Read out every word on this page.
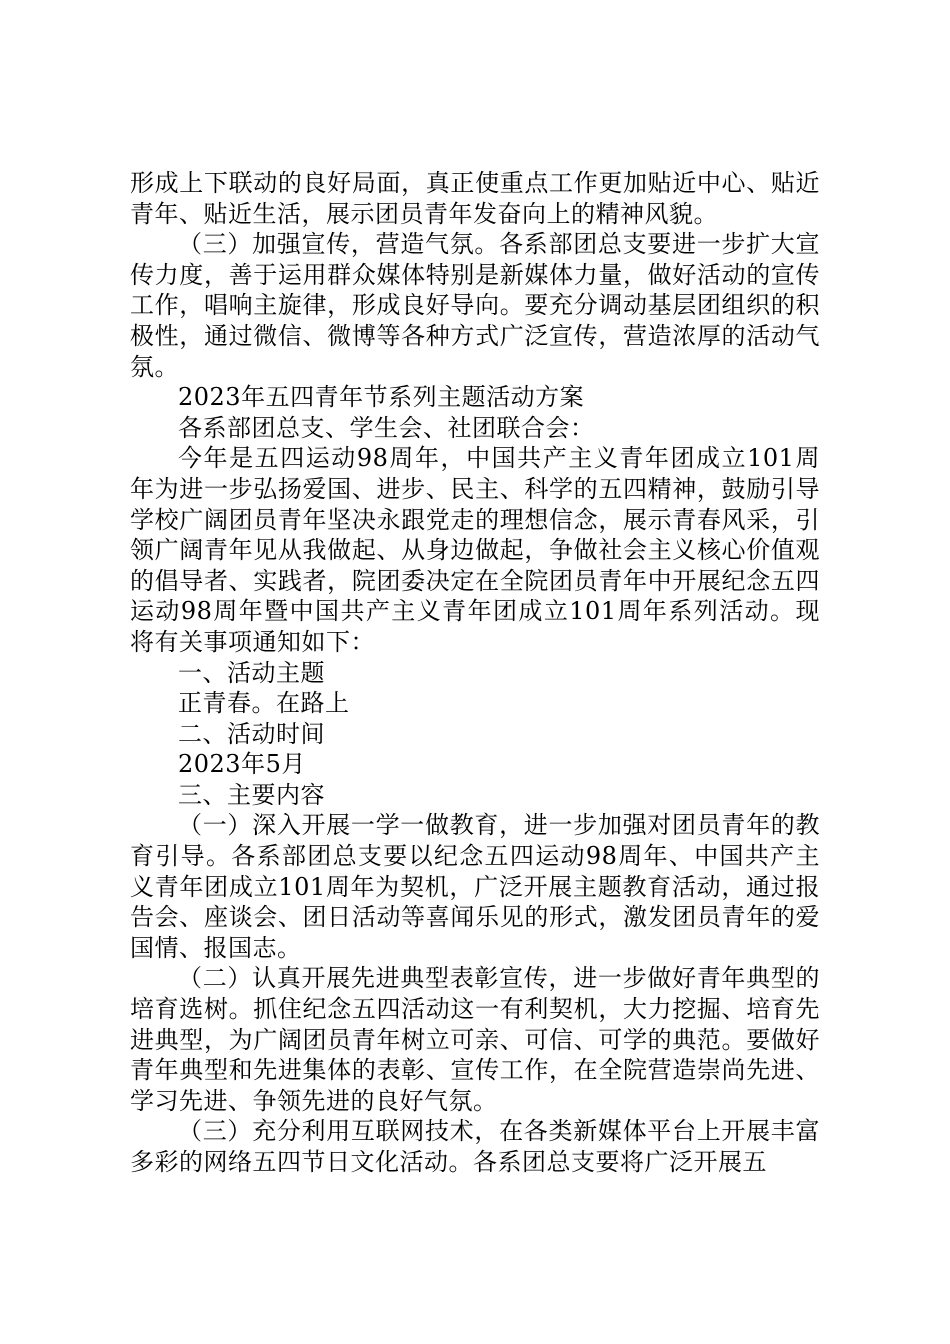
形成上下联动的良好局面，真正使重点工作更加贴近中心、贴近青年、贴近生活，展示团员青年发奋向上的精神风貌。

（三）加强宣传，营造气氛。各系部团总支要进一步扩大宣传力度，善于运用群众媒体特别是新媒体力量，做好活动的宣传工作，唱响主旋律，形成良好导向。要充分调动基层团组织的积极性，通过微信、微博等各种方式广泛宣传，营造浓厚的活动气氛。

2023年五四青年节系列主题活动方案

各系部团总支、学生会、社团联合会：

今年是五四运动98周年，中国共产主义青年团成立101周年为进一步弘扬爱国、进步、民主、科学的五四精神，鼓励引导学校广阔团员青年坚决永跟党走的理想信念，展示青春风采，引领广阔青年见从我做起、从身边做起，争做社会主义核心价值观的倡导者、实践者，院团委决定在全院团员青年中开展纪念五四运动98周年暨中国共产主义青年团成立101周年系列活动。现将有关事项通知如下：

一、活动主题

正青春。在路上

二、活动时间

2023年5月

三、主要内容

（一）深入开展一学一做教育，进一步加强对团员青年的教育引导。各系部团总支要以纪念五四运动98周年、中国共产主义青年团成立101周年为契机，广泛开展主题教育活动，通过报告会、座谈会、团日活动等喜闻乐见的形式，激发团员青年的爱国情、报国志。

（二）认真开展先进典型表彰宣传，进一步做好青年典型的培育选树。抓住纪念五四活动这一有利契机，大力挖掘、培育先进典型，为广阔团员青年树立可亲、可信、可学的典范。要做好青年典型和先进集体的表彰、宣传工作，在全院营造崇尚先进、学习先进、争领先进的良好气氛。

（三）充分利用互联网技术，在各类新媒体平台上开展丰富多彩的网络五四节日文化活动。各系团总支要将广泛开展五
